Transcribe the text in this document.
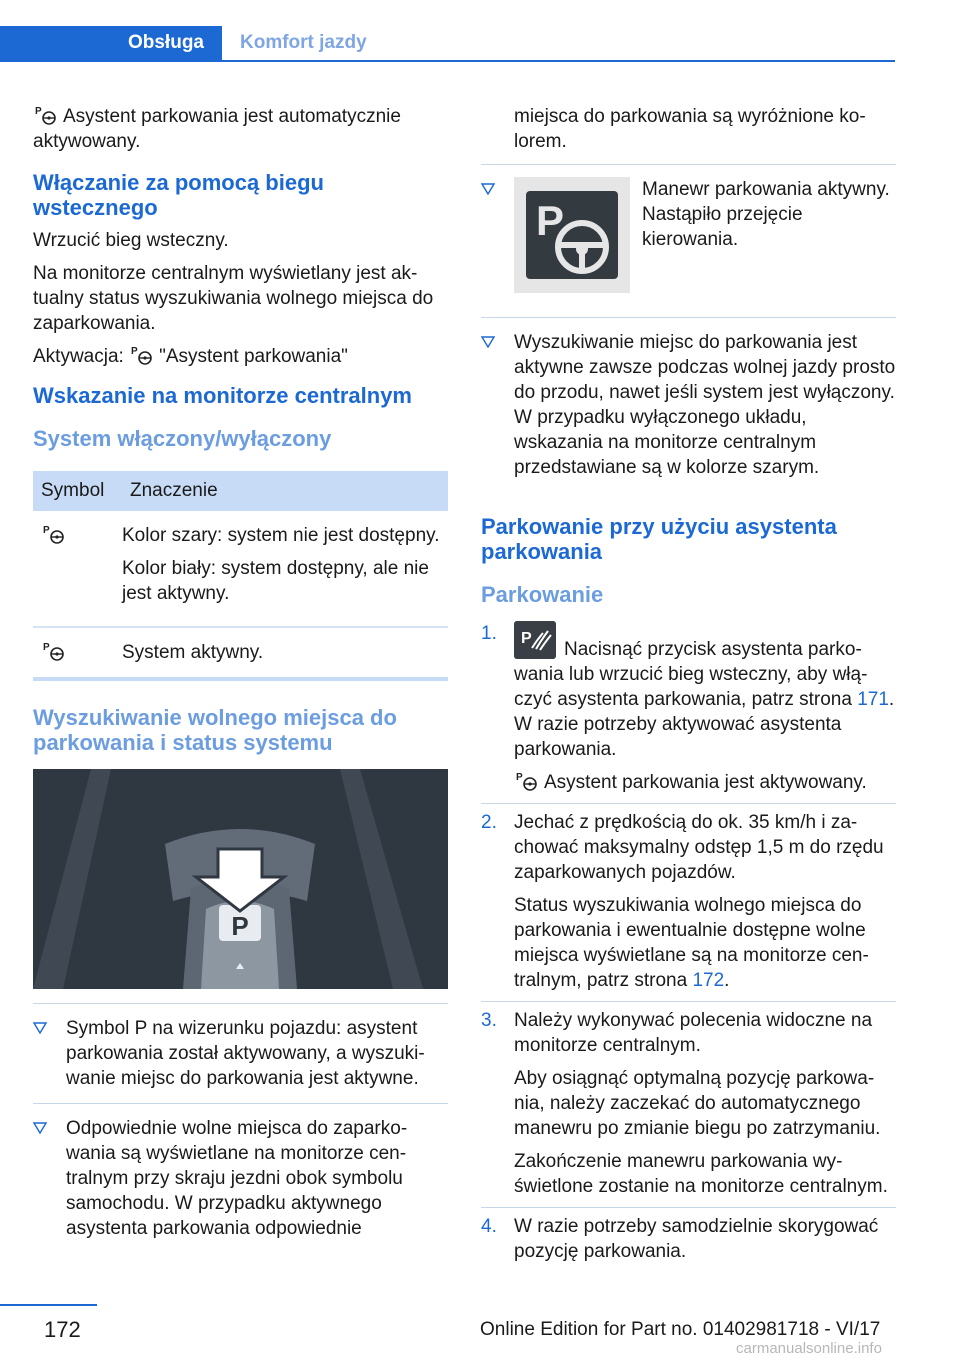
Obsługa	Komfort jazdy

P Asystent parkowania jest automatycznie aktywowany.

Włączanie za pomocą biegu wstecznego

Wrzucić bieg wsteczny.

Na monitorze centralnym wyświetlany jest aktualny status wyszukiwania wolnego miejsca do zaparkowania.

Aktywacja: P "Asystent parkowania"

Wskazanie na monitorze centralnym
System włączony/wyłączony
Symbol	Znaczenie

P	Kolor szary: system nie jest dostępny.

Kolor biały: system dostępny, ale nie jest aktywny.

P	System aktywny.
Wyszukiwanie wolnego miejsca do parkowania i status systemu
P
Symbol P na wizerunku pojazdu: asystent parkowania został aktywowany, a wyszukiwanie miejsc do parkowania jest aktywne.
Odpowiednie wolne miejsca do zaparkowania są wyświetlane na monitorze centralnym przy skraju jezdni obok symbolu samochodu. W przypadku aktywnego asystenta parkowania odpowiednie
miejsca do parkowania są wyróżnione kolorem.
P
Manewr parkowania aktywny. Nastąpiło przejęcie kierowania.
Wyszukiwanie miejsc do parkowania jest aktywne zawsze podczas wolnej jazdy prosto do przodu, nawet jeśli system jest wyłączony. W przypadku wyłączonego układu, wskazania na monitorze centralnym przedstawiane są w kolorze szarym.
Parkowanie przy użyciu asystenta parkowania
Parkowanie
1. P
Nacisnąć przycisk asystenta parkowania lub wrzucić bieg wsteczny, aby włączyć asystenta parkowania, patrz strona 171. W razie potrzeby aktywować asystenta parkowania.

P Asystent parkowania jest aktywowany.

2. Jechać z prędkością do ok. 35 km/h i zachować maksymalny odstęp 1,5 m do rzędu zaparkowanych pojazdów.

Status wyszukiwania wolnego miejsca do parkowania i ewentualnie dostępne wolne miejsca wyświetlane są na monitorze centralnym, patrz strona 172.

3. Należy wykonywać polecenia widoczne na monitorze centralnym.

Aby osiągnąć optymalną pozycję parkowania, należy zaczekać do automatycznego manewru po zmianie biegu po zatrzymaniu.

Zakończenie manewru parkowania wyświetlone zostanie na monitorze centralnym.

4. W razie potrzeby samodzielnie skorygować pozycję parkowania.

172	Online Edition for Part no. 01402981718 - VI/17
carmanualsonline.info
